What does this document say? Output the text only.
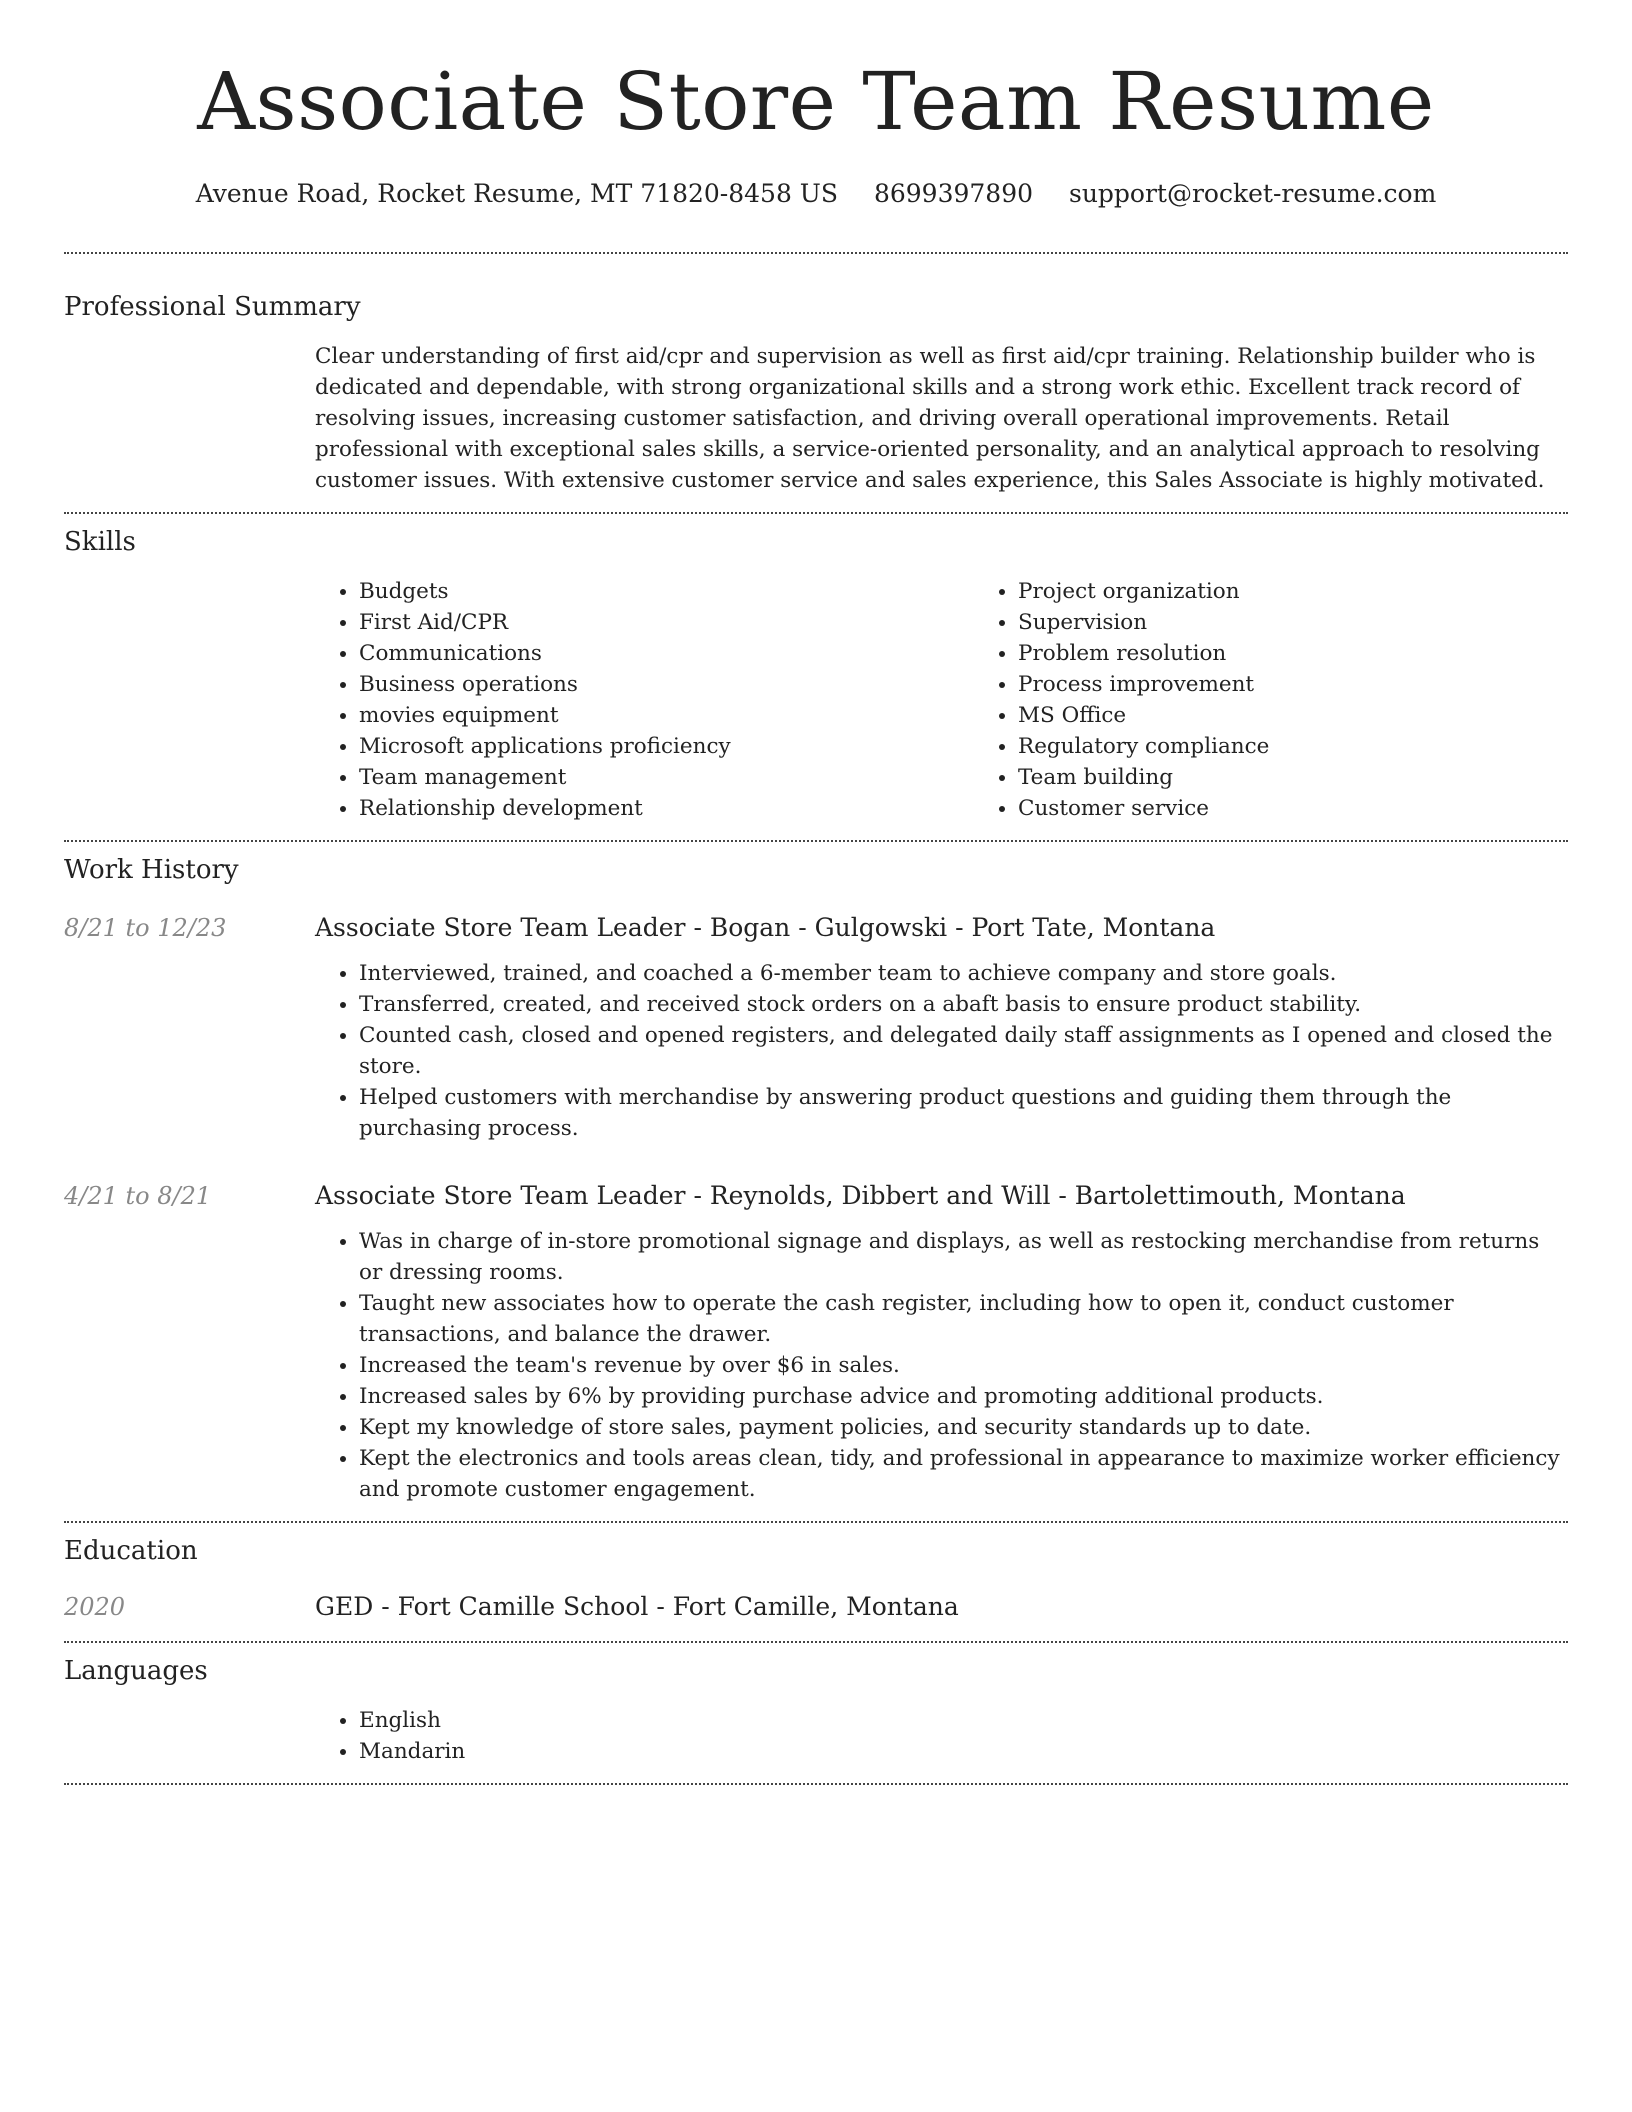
Associate Store Team Resume
Avenue Road, Rocket Resume, MT 71820-8458 US 8699397890 support@rocket-resume.com
Professional Summary
Clear understanding of first aid/cpr and supervision as well as first aid/cpr training. Relationship builder who is dedicated and dependable, with strong organizational skills and a strong work ethic. Excellent track record of resolving issues, increasing customer satisfaction, and driving overall operational improvements. Retail professional with exceptional sales skills, a service-oriented personality, and an analytical approach to resolving customer issues. With extensive customer service and sales experience, this Sales Associate is highly motivated.
Skills
• Budgets
• First Aid/CPR
• Communications
• Business operations
• movies equipment
• Microsoft applications proficiency
• Team management
• Relationship development
• Project organization
• Supervision
• Problem resolution
• Process improvement
• MS Office
• Regulatory compliance
• Team building
• Customer service
Work History
8/21 to 12/23	Associate Store Team Leader - Bogan - Gulgowski - Port Tate, Montana
• Interviewed, trained, and coached a 6-member team to achieve company and store goals.
• Transferred, created, and received stock orders on a abaft basis to ensure product stability.
• Counted cash, closed and opened registers, and delegated daily staff assignments as I opened and closed the store.
• Helped customers with merchandise by answering product questions and guiding them through the purchasing process.
4/21 to 8/21	Associate Store Team Leader - Reynolds, Dibbert and Will - Bartolettimouth, Montana
• Was in charge of in-store promotional signage and displays, as well as restocking merchandise from returns or dressing rooms.
• Taught new associates how to operate the cash register, including how to open it, conduct customer transactions, and balance the drawer.
• Increased the team's revenue by over $6 in sales.
• Increased sales by 6% by providing purchase advice and promoting additional products.
• Kept my knowledge of store sales, payment policies, and security standards up to date.
• Kept the electronics and tools areas clean, tidy, and professional in appearance to maximize worker efficiency and promote customer engagement.
Education
2020	GED - Fort Camille School - Fort Camille, Montana
Languages
• English
• Mandarin
